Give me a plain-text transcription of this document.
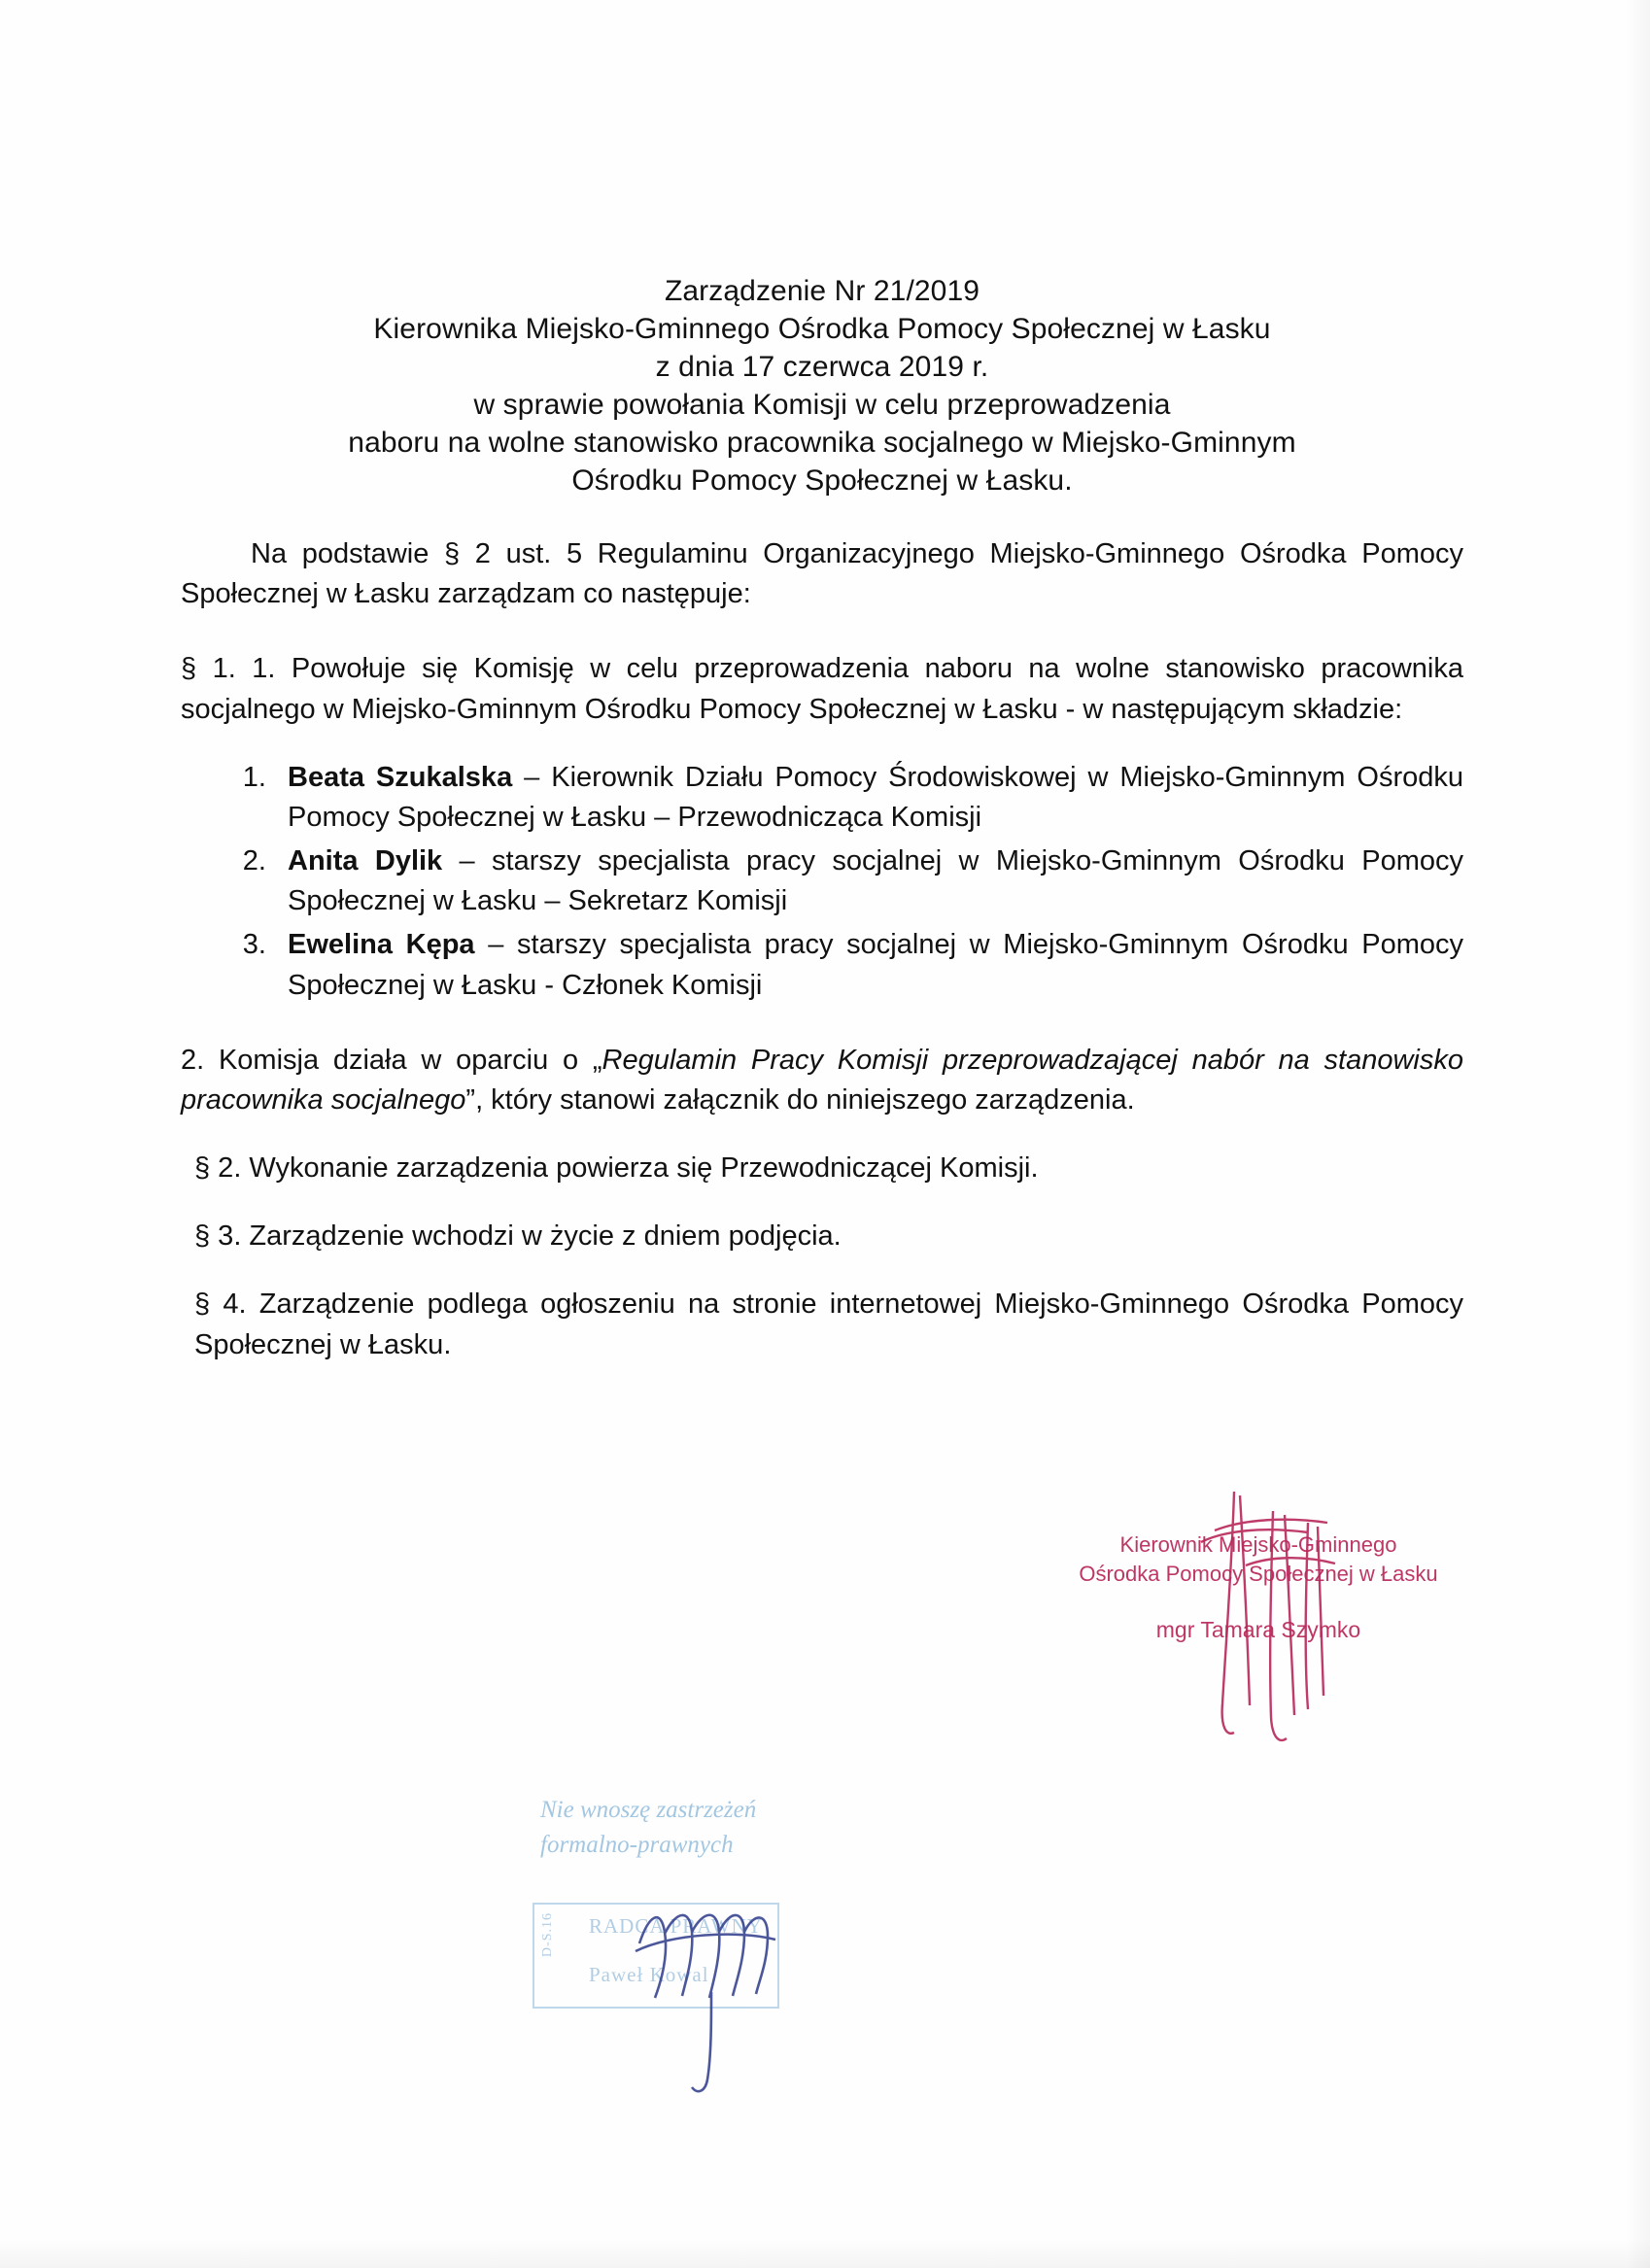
Zarządzenie Nr 21/2019
Kierownika Miejsko-Gminnego Ośrodka Pomocy Społecznej w Łasku
z dnia 17 czerwca 2019 r.
w sprawie powołania Komisji w celu przeprowadzenia
naboru na wolne stanowisko pracownika socjalnego w Miejsko-Gminnym
Ośrodku Pomocy Społecznej w Łasku.

Na podstawie § 2 ust. 5 Regulaminu Organizacyjnego Miejsko-Gminnego Ośrodka Pomocy Społecznej w Łasku zarządzam co następuje:

§ 1. 1. Powołuje się Komisję w celu przeprowadzenia naboru na wolne stanowisko pracownika socjalnego w Miejsko-Gminnym Ośrodku Pomocy Społecznej w Łasku - w następującym składzie:

1. Beata Szukalska – Kierownik Działu Pomocy Środowiskowej w Miejsko-Gminnym Ośrodku Pomocy Społecznej w Łasku – Przewodnicząca Komisji
2. Anita Dylik – starszy specjalista pracy socjalnej w Miejsko-Gminnym Ośrodku Pomocy Społecznej w Łasku – Sekretarz Komisji
3. Ewelina Kępa – starszy specjalista pracy socjalnej w Miejsko-Gminnym Ośrodku Pomocy Społecznej w Łasku - Członek Komisji

2. Komisja działa w oparciu o „Regulamin Pracy Komisji przeprowadzającej nabór na stanowisko pracownika socjalnego”, który stanowi załącznik do niniejszego zarządzenia.

§ 2. Wykonanie zarządzenia powierza się Przewodniczącej Komisji.

§ 3. Zarządzenie wchodzi w życie z dniem podjęcia.

§ 4. Zarządzenie podlega ogłoszeniu na stronie internetowej Miejsko-Gminnego Ośrodka Pomocy Społecznej w Łasku.

Kierownik Miejsko-Gminnego
Ośrodka Pomocy Społecznej w Łasku
mgr Tamara Szymko
Nie wnoszę zastrzeżeń
formalno-prawnych
D-S.16 RADCA PRAWNY
Paweł Kowal
